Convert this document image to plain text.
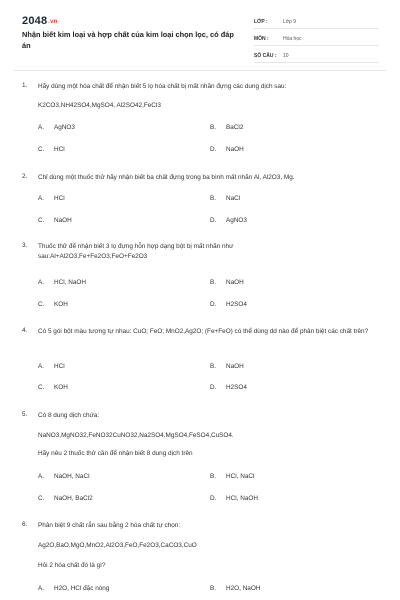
2048.vn
Nhận biết kim loại và hợp chất của kim loại chọn lọc, có đáp án
LỚP :	Lớp 9
MÔN :	Hóa học
SỐ CÂU :	10
1. Hãy dùng một hóa chất để nhận biết 5 lọ hóa chất bị mất nhãn đựng các dung dịch sau:
K2CO3,NH42SO4,MgSO4, Al2SO42,FeCl3
A. AgNO3	B. BaCl2
C. HCl	D. NaOH
2. Chỉ dùng một thuốc thử hãy nhận biết ba chất đựng trong ba bình mất nhãn Al, Al2O3, Mg.
A. HCl	B. NaCl
C. NaOH	D. AgNO3
3. Thuốc thử để nhận biết 3 lọ đựng hỗn hợp dạng bột bị mất nhãn như sau:Al+Al2O3,Fe+Fe2O3,FeO+Fe2O3
A. HCl, NaOH	B. NaOH
C. KOH	D. H2SO4
4. Có 5 gói bột màu tương tự nhau: CuO; FeO; MnO2,Ag2O; (Fe+FeO) có thể dùng dd nào để phân biệt các chất trên?
A. HCl	B. NaOH
C. KOH	D. H2SO4
5. Có 8 dung dịch chứa:
NaNO3,MgNO32,FeNO32CuNO32,Na2SO4,MgSO4,FeSO4,CuSO4.
Hãy nêu 2 thuốc thử cần để nhận biết 8 dung dịch trên
A. NaOH, NaCl	B. HCl, NaCl
C. NaOH, BaCl2	D. HCl, NaOH
6. Phân biệt 9 chất rắn sau bằng 2 hóa chất tự chọn:
Ag2O,BaO,MgO,MnO2,Al2O3,FeO,Fe2O3,CaCO3,CuO
Hỏi 2 hóa chất đó là gì?
A. H2O, HCl đặc nóng	B. H2O, NaOH
